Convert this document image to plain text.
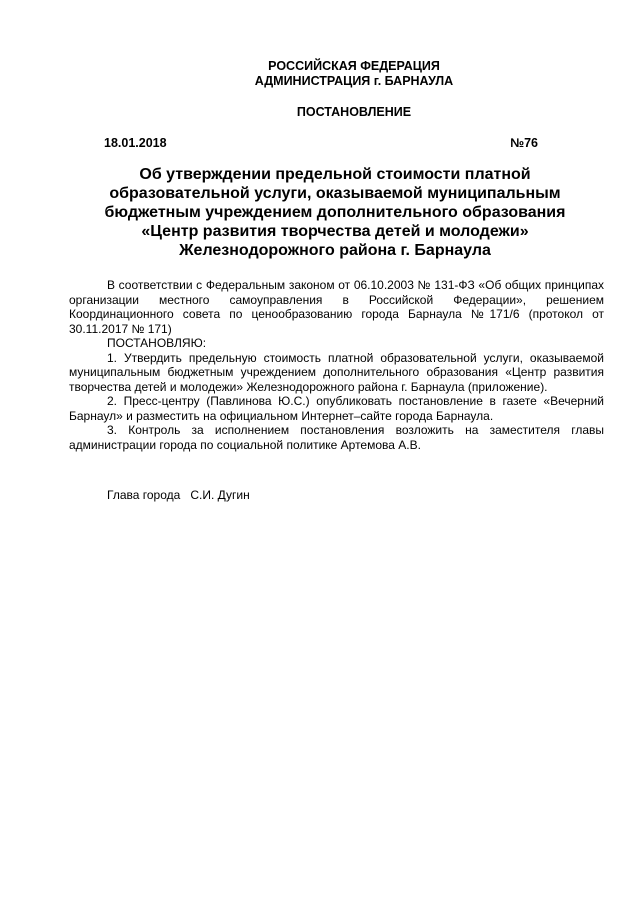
РОССИЙСКАЯ ФЕДЕРАЦИЯ
АДМИНИСТРАЦИЯ г. БАРНАУЛА
ПОСТАНОВЛЕНИЕ
18.01.2018	№76
Об утверждении предельной стоимости платной
образовательной услуги, оказываемой муниципальным
бюджетным учреждением дополнительного образования
«Центр развития творчества детей и молодежи»
Железнодорожного района г. Барнаула

В соответствии с Федеральным законом от 06.10.2003 № 131-ФЗ «Об общих принципах организации местного самоуправления в Российской Федерации», решением Координационного совета по ценообразованию города Барнаула №171/6 (протокол от 30.11.2017 № 171)

ПОСТАНОВЛЯЮ:

1. Утвердить предельную стоимость платной образовательной услуги, оказываемой муниципальным бюджетным учреждением дополнительного образования «Центр развития творчества детей и молодежи» Железнодорожного района г. Барнаула (приложение).

2. Пресс-центру (Павлинова Ю.С.) опубликовать постановление в газете «Вечерний Барнаул» и разместить на официальном Интернет–сайте города Барнаула.

3. Контроль за исполнением постановления возложить на заместителя главы администрации города по социальной политике Артемова А.В.

Глава города С.И. Дугин
